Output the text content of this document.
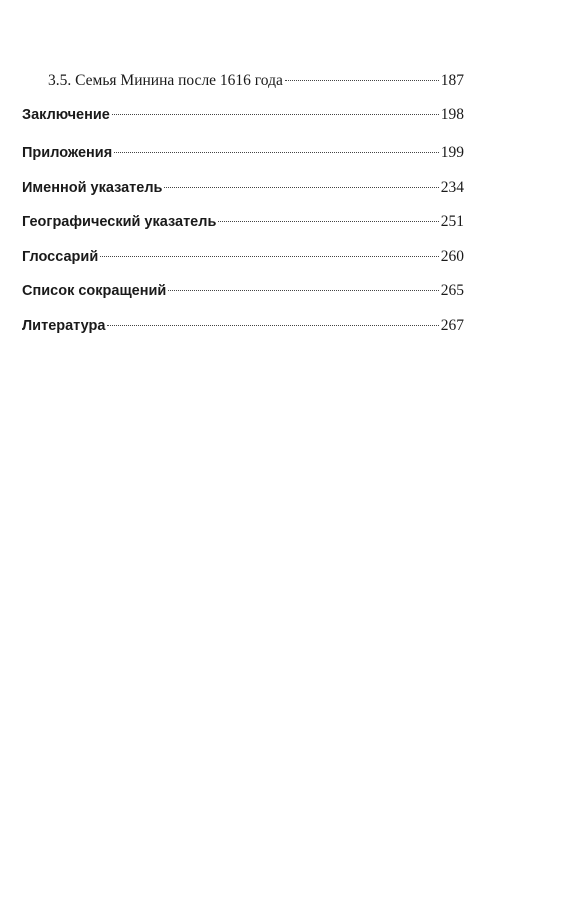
3.5. Семья Минина после 1616 года	187
Заключение	198
Приложения	199
Именной указатель	234
Географический указатель	251
Глоссарий	260
Список сокращений	265
Литература	267
